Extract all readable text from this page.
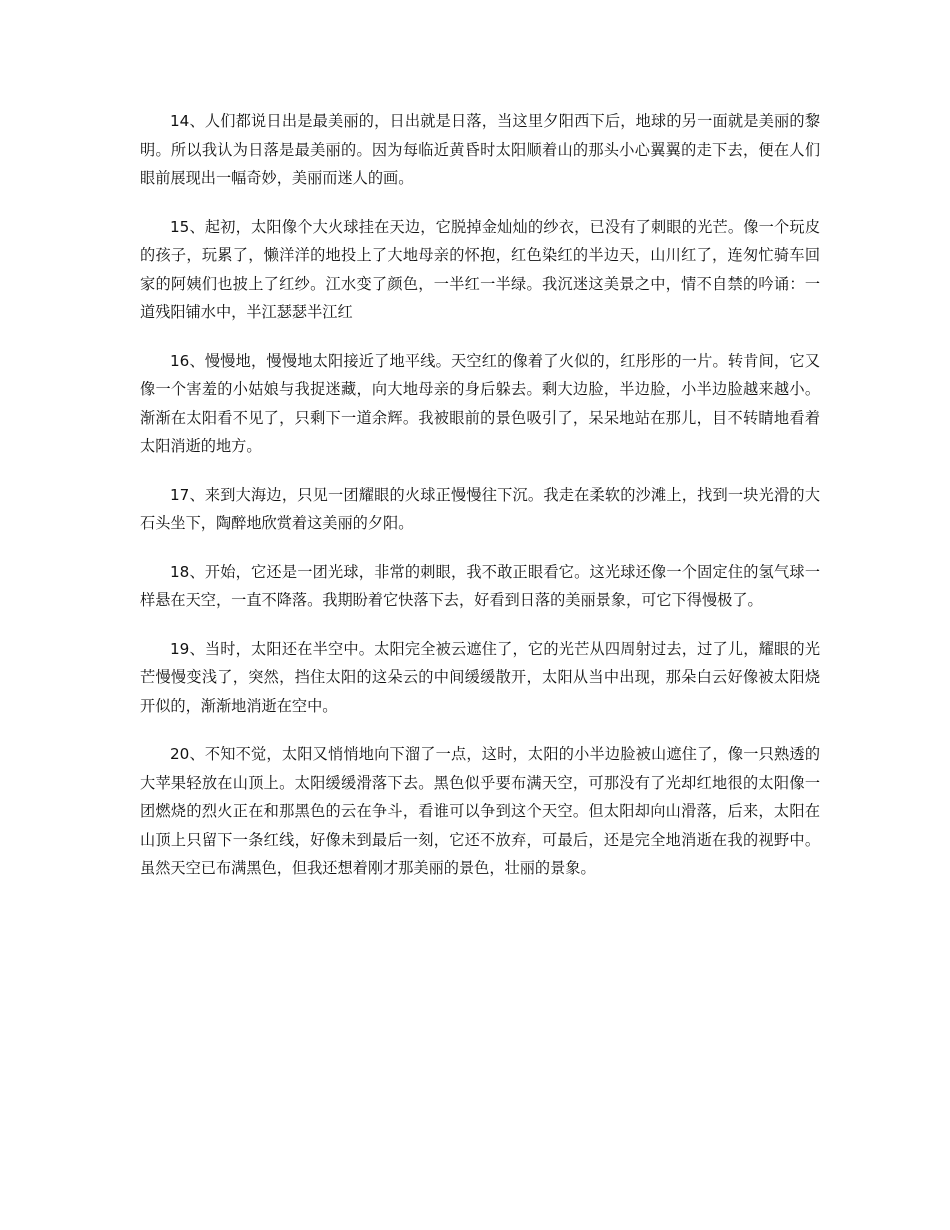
14、人们都说日出是最美丽的，日出就是日落，当这里夕阳西下后，地球的另一面就是美丽的黎明。所以我认为日落是最美丽的。因为每临近黄昏时太阳顺着山的那头小心翼翼的走下去，便在人们眼前展现出一幅奇妙，美丽而迷人的画。

15、起初，太阳像个大火球挂在天边，它脱掉金灿灿的纱衣，已没有了刺眼的光芒。像一个玩皮的孩子，玩累了，懒洋洋的地投上了大地母亲的怀抱，红色染红的半边天，山川红了，连匆忙骑车回家的阿姨们也披上了红纱。江水变了颜色，一半红一半绿。我沉迷这美景之中，情不自禁的吟诵：一道残阳铺水中，半江瑟瑟半江红

16、慢慢地，慢慢地太阳接近了地平线。天空红的像着了火似的，红彤彤的一片。转肯间，它又像一个害羞的小姑娘与我捉迷藏，向大地母亲的身后躲去。剩大边脸，半边脸，小半边脸越来越小。渐渐在太阳看不见了，只剩下一道余辉。我被眼前的景色吸引了，呆呆地站在那儿，目不转睛地看着太阳消逝的地方。

17、来到大海边，只见一团耀眼的火球正慢慢往下沉。我走在柔软的沙滩上，找到一块光滑的大石头坐下，陶醉地欣赏着这美丽的夕阳。

18、开始，它还是一团光球，非常的刺眼，我不敢正眼看它。这光球还像一个固定住的氢气球一样悬在天空，一直不降落。我期盼着它快落下去，好看到日落的美丽景象，可它下得慢极了。

19、当时，太阳还在半空中。太阳完全被云遮住了，它的光芒从四周射过去，过了儿，耀眼的光芒慢慢变浅了，突然，挡住太阳的这朵云的中间缓缓散开，太阳从当中出现，那朵白云好像被太阳烧开似的，渐渐地消逝在空中。

20、不知不觉，太阳又悄悄地向下溜了一点，这时，太阳的小半边脸被山遮住了，像一只熟透的大苹果轻放在山顶上。太阳缓缓滑落下去。黑色似乎要布满天空，可那没有了光却红地很的太阳像一团燃烧的烈火正在和那黑色的云在争斗，看谁可以争到这个天空。但太阳却向山滑落，后来，太阳在山顶上只留下一条红线，好像未到最后一刻，它还不放弃，可最后，还是完全地消逝在我的视野中。虽然天空已布满黑色，但我还想着刚才那美丽的景色，壮丽的景象。
